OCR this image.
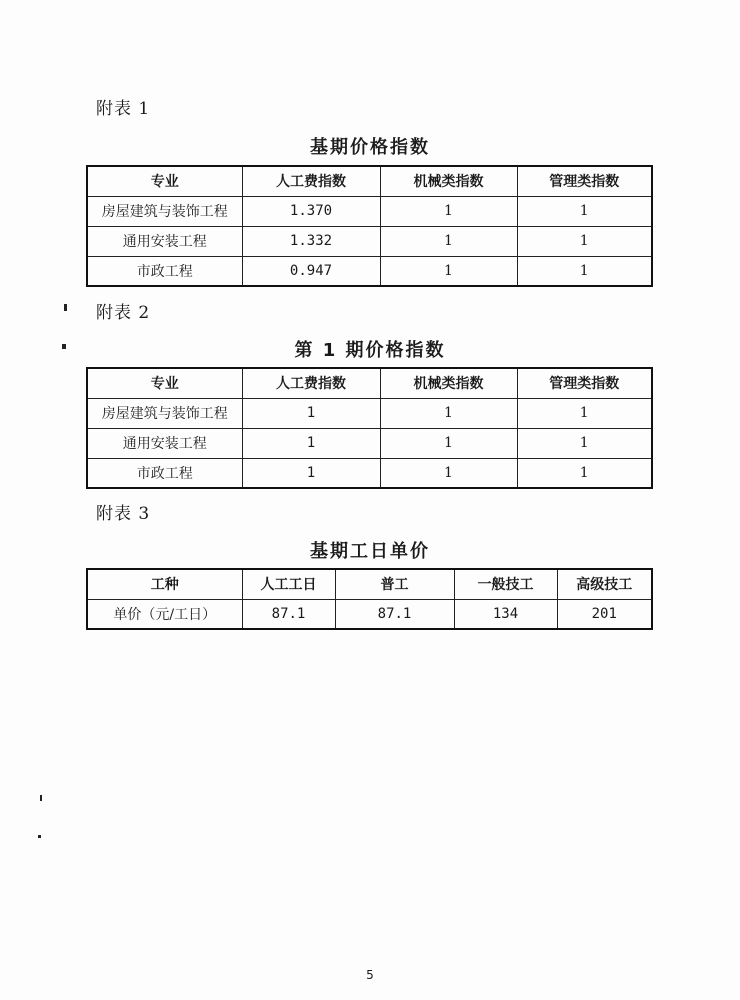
附表 1
基期价格指数
专业	人工费指数	机械类指数	管理类指数
房屋建筑与装饰工程	1.370	1	1
通用安装工程	1.332	1	1
市政工程	0.947	1	1
附表 2
第 1 期价格指数
专业	人工费指数	机械类指数	管理类指数
房屋建筑与装饰工程	1	1	1
通用安装工程	1	1	1
市政工程	1	1	1
附表 3
基期工日单价
工种	人工工日	普工	一般技工	高级技工
单价（元/工日）	87.1	87.1	134	201
5
